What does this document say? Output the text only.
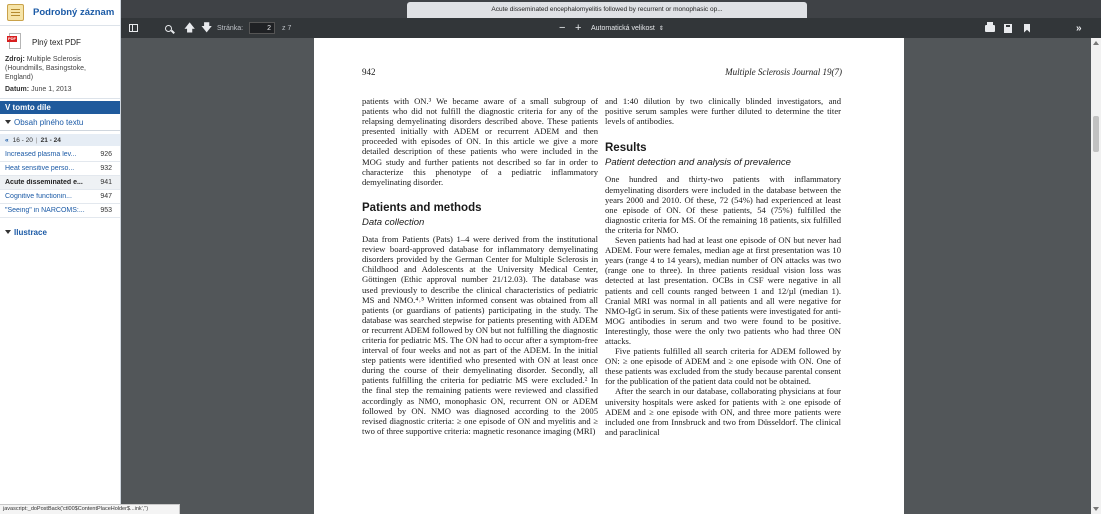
Podrobný záznam
PDF Plný text PDF
Zdroj: Multiple Sclerosis (Houndmills, Basingstoke, England)
Datum: June 1, 2013
V tomto díle
Obsah plného textu
« 16 - 20 | 21 - 24
Increased plasma lev...	926
Heat sensitive perso...	932
Acute disseminated e...	941
Cognitive functionin...	947
"Seeing" in NARCOMS:... 953
Ilustrace
Acute disseminated encephalomyelitis followed by recurrent or monophasic op...
🡅 🡇 Stránka:
2	z 7	− + Automatická velikost ⇕	»
942	Multiple Sclerosis Journal 19(7)

patients with ON.³ We became aware of a small subgroup of patients who did not fulfill the diagnostic criteria for any of the relapsing demyelinating disorders described above. These patients presented initially with ADEM or recurrent ADEM and then proceeded with episodes of ON. In this article we give a more detailed description of these patients who were included in the MOG study and further patients not described so far in order to characterize this phenotype of a pediatric inflammatory demyelinating disorder.

Patients and methods
Data collection

Data from Patients (Pats) 1–4 were derived from the institutional review board-approved database for inflammatory demyelinating disorders provided by the German Center for Multiple Sclerosis in Childhood and Adolescents at the University Medical Center, Göttingen (Ethic approval number 21/12.03). The database was used previously to describe the clinical characteristics of pediatric MS and NMO.⁴˒⁵ Written informed consent was obtained from all patients (or guardians of patients) participating in the study. The database was searched stepwise for patients presenting with ADEM or recurrent ADEM followed by ON but not fulfilling the diagnostic criteria for pediatric MS. The ON had to occur after a symptom-free interval of four weeks and not as part of the ADEM. In the initial step patients were identified who presented with ON at least once during the course of their demyelinating disorder. Secondly, all patients fulfilling the criteria for pediatric MS were excluded.² In the final step the remaining patients were reviewed and classified accordingly as NMO, monophasic ON, recurrent ON or ADEM followed by ON. NMO was diagnosed according to the 2005 revised diagnostic criteria: ≥ one episode of ON and myelitis and ≥ two of three supportive criteria: magnetic resonance imaging (MRI)

and 1:40 dilution by two clinically blinded investigators, and positive serum samples were further diluted to determine the titer levels of antibodies.

Results
Patient detection and analysis of prevalence

One hundred and thirty-two patients with inflammatory demyelinating disorders were included in the database between the years 2000 and 2010. Of these, 72 (54%) had experienced at least one episode of ON. Of these patients, 54 (75%) fulfilled the diagnostic criteria for MS. Of the remaining 18 patients, six fulfilled the criteria for NMO.

Seven patients had had at least one episode of ON but never had ADEM. Four were females, median age at first presentation was 10 years (range 4 to 14 years), median number of ON attacks was two (range one to three). In three patients residual vision loss was detected at last presentation. OCBs in CSF were negative in all patients and cell counts ranged between 1 and 12/µl (median 1). Cranial MRI was normal in all patients and all were negative for NMO-IgG in serum. Six of these patients were investigated for anti-MOG antibodies in serum and two were found to be positive. Interestingly, those were the only two patients who had three ON attacks.

Five patients fulfilled all search criteria for ADEM followed by ON: ≥ one episode of ADEM and ≥ one episode with ON. One of these patients was excluded from the study because parental consent for the publication of the patient data could not be obtained.

After the search in our database, collaborating physicians at four university hospitals were asked for patients with ≥ one episode of ADEM and ≥ one episode with ON, and three more patients were included one from Innsbruck and two from Düsseldorf. The clinical and paraclinical

javascript:_doPostBack('ctl00$ContentPlaceHolder$...ink','')
